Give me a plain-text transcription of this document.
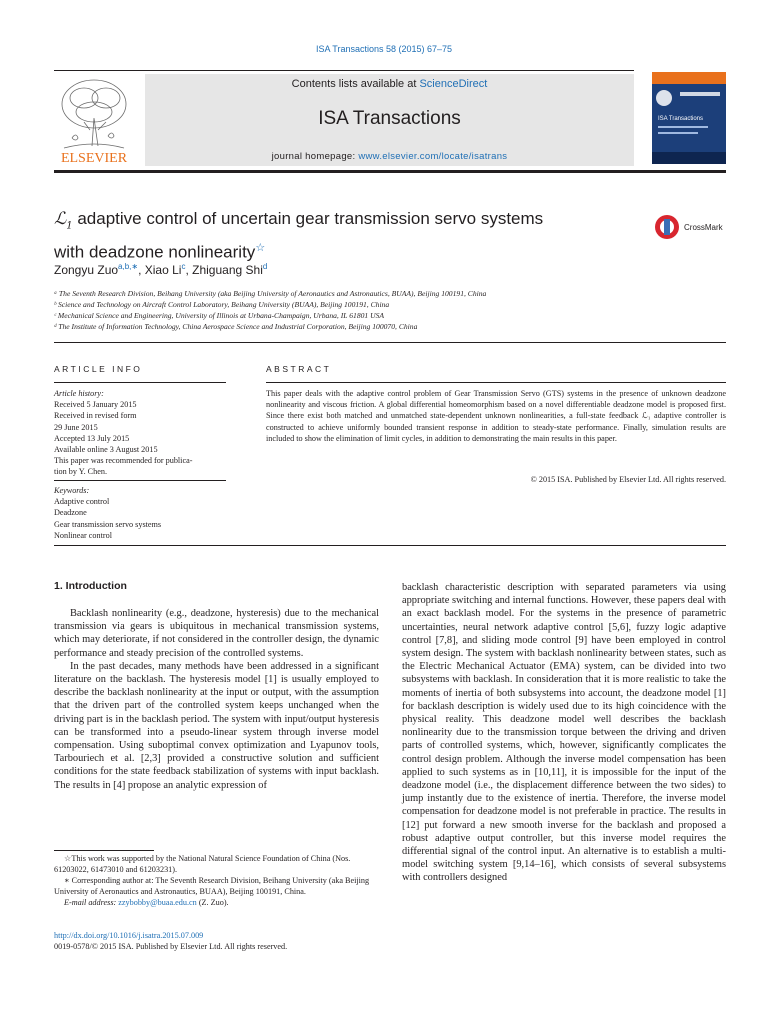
ISA Transactions 58 (2015) 67–75
ELSEVIER
Contents lists available at ScienceDirect
ISA Transactions
journal homepage: www.elsevier.com/locate/isatrans
ISA Transactions
ℒ$_1$ adaptive control of uncertain gear transmission servo systems
with deadzone nonlinearity☆
CrossMark
Zongyu Zuo$^{a,b,∗}$, Xiao Li$^c$, Zhiguang Shi$^d$
ᵃ The Seventh Research Division, Beihang University (aka Beijing University of Aeronautics and Astronautics, BUAA), Beijing 100191, China
ᵇ Science and Technology on Aircraft Control Laboratory, Beihang University (BUAA), Beijing 100191, China
ᶜ Mechanical Science and Engineering, University of Illinois at Urbana-Champaign, Urbana, IL 61801 USA
ᵈ The Institute of Information Technology, China Aerospace Science and Industrial Corporation, Beijing 100070, China
ARTICLE INFO
Article history:
Received 5 January 2015
Received in revised form
29 June 2015
Accepted 13 July 2015
Available online 3 August 2015
This paper was recommended for publica-
tion by Y. Chen.
Keywords:
Adaptive control
Deadzone
Gear transmission servo systems
Nonlinear control
ABSTRACT
This paper deals with the adaptive control problem of Gear Transmission Servo (GTS) systems in the presence of unknown deadzone nonlinearity and viscous friction. A global differential homeomorphism based on a novel differentiable deadzone model is proposed first. Since there exist both matched and unmatched state-dependent unknown nonlinearities, a full-state feedback ℒ₁ adaptive controller is constructed to achieve uniformly bounded transient response in addition to steady-state performance. Finally, simulation results are included to show the elimination of limit cycles, in addition to demonstrating the main results in this paper.
© 2015 ISA. Published by Elsevier Ltd. All rights reserved.
1. Introduction

Backlash nonlinearity (e.g., deadzone, hysteresis) due to the mechanical transmission via gears is ubiquitous in mechanical transmission systems, which may deteriorate, if not considered in the controller design, the dynamic performance and steady precision of the controlled systems.

In the past decades, many methods have been addressed in a significant literature on the backlash. The hysteresis model [1] is usually employed to describe the backlash nonlinearity at the input or output, with the assumption that the driven part of the controlled system keeps unchanged when the driving part is in the backlash period. The system with input/output hysteresis can be transformed into a pseudo-linear system through inverse model compensation. Using suboptimal convex optimization and Lyapunov tools, Tarbouriech et al. [2,3] provided a constructive solution and sufficient conditions for the state feedback stabilization of systems with input backlash. The results in [4] propose an analytic expression of

backlash characteristic description with separated parameters via using appropriate switching and internal functions. However, these papers deal with an exact backlash model. For the systems in the presence of parametric uncertainties, neural network adaptive control [5,6], fuzzy logic adaptive control [7,8], and sliding mode control [9] have been employed in control system design. The system with backlash nonlinearity between states, such as the Electric Mechanical Actuator (EMA) system, can be divided into two subsystems with backlash. In consideration that it is more realistic to take the moments of inertia of both subsystems into account, the deadzone model [1] for backlash description is widely used due to its high coincidence with the physical reality. This deadzone model well describes the backlash nonlinearity due to the transmission torque between the driving and driven parts of controlled systems, which, however, significantly complicates the control design problem. Although the inverse model compensation has been applied to such systems as in [10,11], it is impossible for the input of the deadzone model (i.e., the displacement difference between the two sides) to jump instantly due to the existence of inertia. Therefore, the inverse model compensation for deadzone model is not preferable in practice. The results in [12] put forward a new smooth inverse for the backlash and proposed a robust adaptive output controller, but this inverse model requires the differential signal of the control input. An alternative is to establish a multi-model switching system [9,14–16], which consists of several subsystems with controllers designed

☆This work was supported by the National Natural Science Foundation of China (Nos. 61203022, 61473010 and 61203231).

∗ Corresponding author at: The Seventh Research Division, Beihang University (aka Beijing University of Aeronautics and Astronautics, BUAA), Beijing 100191, China.

E-mail address: zzybobby@buaa.edu.cn (Z. Zuo).

http://dx.doi.org/10.1016/j.isatra.2015.07.009
0019-0578/© 2015 ISA. Published by Elsevier Ltd. All rights reserved.
